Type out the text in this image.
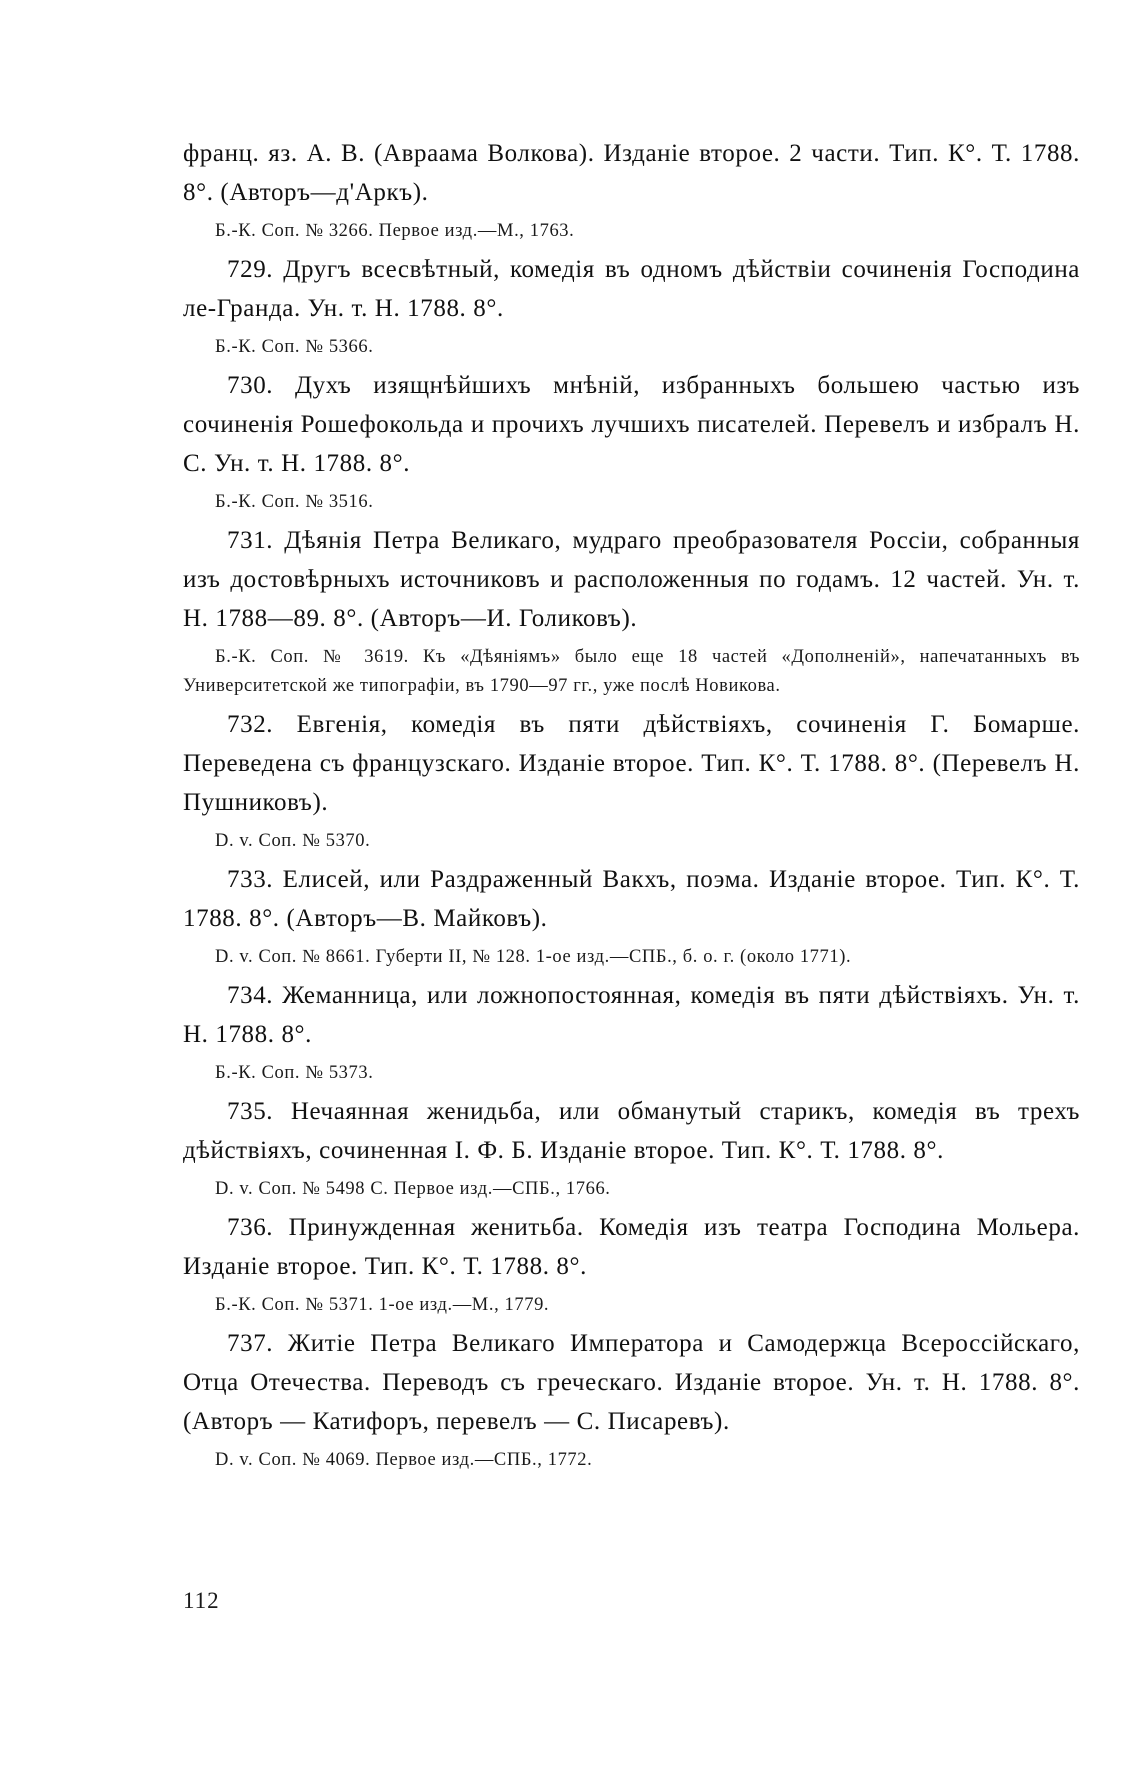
франц. яз. А. В. (Авраама Волкова). Изданіе второе. 2 части. Тип. К°. Т. 1788. 8°. (Авторъ—д'Аркъ).

Б.-К. Соп. № 3266. Первое изд.—М., 1763.

729. Другъ всесвѣтный, комедія въ одномъ дѣйствіи сочиненія Господина ле-Гранда. Ун. т. Н. 1788. 8°.

Б.-К. Соп. № 5366.

730. Духъ изящнѣйшихъ мнѣній, избранныхъ большею частью изъ сочиненія Рошефокольда и прочихъ лучшихъ писателей. Перевелъ и избралъ Н. С. Ун. т. Н. 1788. 8°.

Б.-К. Соп. № 3516.

731. Дѣянія Петра Великаго, мудраго преобразователя Россіи, собранныя изъ достовѣрныхъ источниковъ и расположенныя по годамъ. 12 частей. Ун. т. Н. 1788—89. 8°. (Авторъ—И. Голиковъ).

Б.-К. Соп. № 3619. Къ «Дѣяніямъ» было еще 18 частей «Дополненій», напечатанныхъ въ Университетской же типографіи, въ 1790—97 гг., уже послѣ Новикова.

732. Евгенія, комедія въ пяти дѣйствіяхъ, сочиненія Г. Бомарше. Переведена съ французскаго. Изданіе второе. Тип. К°. Т. 1788. 8°. (Перевелъ Н. Пушниковъ).

D. v. Соп. № 5370.

733. Елисей, или Раздраженный Вакхъ, поэма. Изданіе второе. Тип. К°. Т. 1788. 8°. (Авторъ—В. Майковъ).

D. v. Соп. № 8661. Губерти II, № 128. 1-ое изд.—СПБ., б. о. г. (около 1771).

734. Жеманница, или ложнопостоянная, комедія въ пяти дѣйствіяхъ. Ун. т. Н. 1788. 8°.

Б.-К. Соп. № 5373.

735. Нечаянная женидьба, или обманутый старикъ, комедія въ трехъ дѣйствіяхъ, сочиненная І. Ф. Б. Изданіе второе. Тип. К°. Т. 1788. 8°.

D. v. Соп. № 5498 С. Первое изд.—СПБ., 1766.

736. Принужденная женитьба. Комедія изъ театра Господина Мольера. Изданіе второе. Тип. К°. Т. 1788. 8°.

Б.-К. Соп. № 5371. 1-ое изд.—М., 1779.

737. Житіе Петра Великаго Императора и Самодержца Всероссійскаго, Отца Отечества. Переводъ съ греческаго. Изданіе второе. Ун. т. Н. 1788. 8°. (Авторъ — Катифоръ, перевелъ — С. Писаревъ).

D. v. Соп. № 4069. Первое изд.—СПБ., 1772.

112
